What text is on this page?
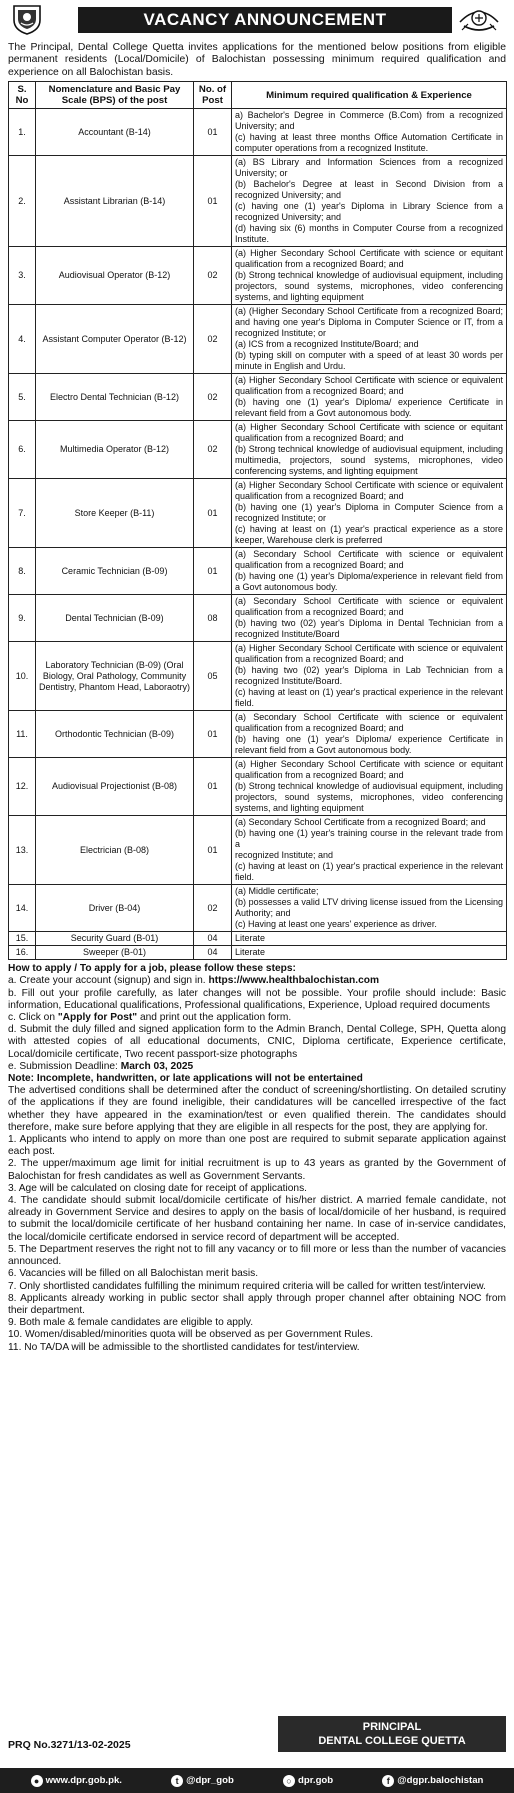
VACANCY ANNOUNCEMENT

The Principal, Dental College Quetta invites applications for the mentioned below positions from eligible permanent residents (Local/Domicile) of Balochistan possessing minimum required qualification and experience on all Balochistan basis.

S. No	Nomenclature and Basic Pay Scale (BPS) of the post	No. of Post	Minimum required qualification & Experience
1.	Accountant (B-14)	01	a) Bachelor's Degree in Commerce (B.Com) from a recognized University; and
(c) having at least three months Office Automation Certificate in computer operations from a recognized Institute.

2.	Assistant Librarian (B-14)	01	(a) BS Library and Information Sciences from a recognized University; or
(b) Bachelor's Degree at least in Second Division from a recognized University; and
(c) having one (1) year's Diploma in Library Science from a recognized University; and
(d) having six (6) months in Computer Course from a recognized Institute.

3.	Audiovisual Operator (B-12)	02	(a) Higher Secondary School Certificate with science or equitant qualification from a recognized Board; and
(b) Strong technical knowledge of audiovisual equipment, including projectors, sound systems, microphones, video conferencing systems, and lighting equipment

4.	Assistant Computer Operator (B-12)	02	(a) (Higher Secondary School Certificate from a recognized Board; and having one year's Diploma in Computer Science or IT, from a recognized Institute; or
(a) ICS from a recognized Institute/Board; and
(b) typing skill on computer with a speed of at least 30 words per minute in English and Urdu.

5.	Electro Dental Technician (B-12)	02	(a) Higher Secondary School Certificate with science or equivalent qualification from a recognized Board; and
(b) having one (1) year's Diploma/ experience Certificate in relevant field from a Govt autonomous body.

6.	Multimedia Operator (B-12)	02	(a) Higher Secondary School Certificate with science or equitant qualification from a recognized Board; and
(b) Strong technical knowledge of audiovisual equipment, including multimedia, projectors, sound systems, microphones, video conferencing systems, and lighting equipment

7.	Store Keeper (B-11)	01	(a) Higher Secondary School Certificate with science or equivalent qualification from a recognized Board; and
(b) having one (1) year's Diploma in Computer Science from a recognized Institute; or
(c) having at least on (1) year's practical experience as a store keeper, Warehouse clerk is preferred

8.	Ceramic Technician (B-09)	01	(a) Secondary School Certificate with science or equivalent qualification from a recognized Board; and
(b) having one (1) year's Diploma/experience in relevant field from a Govt autonomous body.

9.	Dental Technician (B-09)	08	(a) Secondary School Certificate with science or equivalent qualification from a recognized Board; and
(b) having two (02) year's Diploma in Dental Technician from a recognized Institute/Board

10.	Laboratory Technician (B-09) (Oral Biology, Oral Pathology, Community Dentistry, Phantom Head, Laboraotry)	05	(a) Higher Secondary School Certificate with science or equivalent qualification from a recognized Board; and
(b) having two (02) year's Diploma in Lab Technician from a recognized Institute/Board.
(c) having at least on (1) year's practical experience in the relevant field.

11.	Orthodontic Technician (B-09)	01	(a) Secondary School Certificate with science or equivalent qualification from a recognized Board; and
(b) having one (1) year's Diploma/ experience Certificate in relevant field from a Govt autonomous body.

12.	Audiovisual Projectionist (B-08)	01	(a) Higher Secondary School Certificate with science or equitant qualification from a recognized Board; and
(b) Strong technical knowledge of audiovisual equipment, including projectors, sound systems, microphones, video conferencing systems, and lighting equipment

13.	Electrician (B-08)	01	(a) Secondary School Certificate from a recognized Board; and
(b) having one (1) year's training course in the relevant trade from a
recognized Institute; and
(c) having at least on (1) year's practical experience in the relevant field.

14.	Driver (B-04)	02	(a) Middle certificate;
(b) possesses a valid LTV driving license issued from the Licensing Authority; and
(c) Having at least one years' experience as driver.

15.	Security Guard (B-01)	04	Literate

16.	Sweeper (B-01)	04	Literate

How to apply / To apply for a job, please follow these steps:

a. Create your account (signup) and sign in. https://www.healthbalochistan.com

b. Fill out your profile carefully, as later changes will not be possible. Your profile should include: Basic information, Educational qualifications, Professional qualifications, Experience, Upload required documents

c. Click on "Apply for Post" and print out the application form.

d. Submit the duly filled and signed application form to the Admin Branch, Dental College, SPH, Quetta along with attested copies of all educational documents, CNIC, Diploma certificate, Experience certificate, Local/domicile certificate, Two recent passport-size photographs

e. Submission Deadline: March 03, 2025

Note: Incomplete, handwritten, or late applications will not be entertained

The advertised conditions shall be determined after the conduct of screening/shortlisting. On detailed scrutiny of the applications if they are found ineligible, their candidatures will be cancelled irrespective of the fact whether they have appeared in the examination/test or even qualified therein. The candidates should therefore, make sure before applying that they are eligible in all respects for the post, they are applying for.

1. Applicants who intend to apply on more than one post are required to submit separate application against each post.

2. The upper/maximum age limit for initial recruitment is up to 43 years as granted by the Government of Balochistan for fresh candidates as well as Government Servants.

3. Age will be calculated on closing date for receipt of applications.

4. The candidate should submit local/domicile certificate of his/her district. A married female candidate, not already in Government Service and desires to apply on the basis of local/domicile of her husband, is required to submit the local/domicile certificate of her husband containing her name. In case of in-service candidates, the local/domicile certificate endorsed in service record of department will be accepted.

5. The Department reserves the right not to fill any vacancy or to fill more or less than the number of vacancies announced.

6. Vacancies will be filled on all Balochistan merit basis.

7. Only shortlisted candidates fulfilling the minimum required criteria will be called for written test/interview.

8. Applicants already working in public sector shall apply through proper channel after obtaining NOC from their department.

9. Both male & female candidates are eligible to apply.

10. Women/disabled/minorities quota will be observed as per Government Rules.

11. No TA/DA will be admissible to the shortlisted candidates for test/interview.

PRQ No.3271/13-02-2025
PRINCIPAL
DENTAL COLLEGE QUETTA
● www.dpr.gob.pk.	t @dpr_gob	○ dpr.gob	f @dgpr.balochistan
